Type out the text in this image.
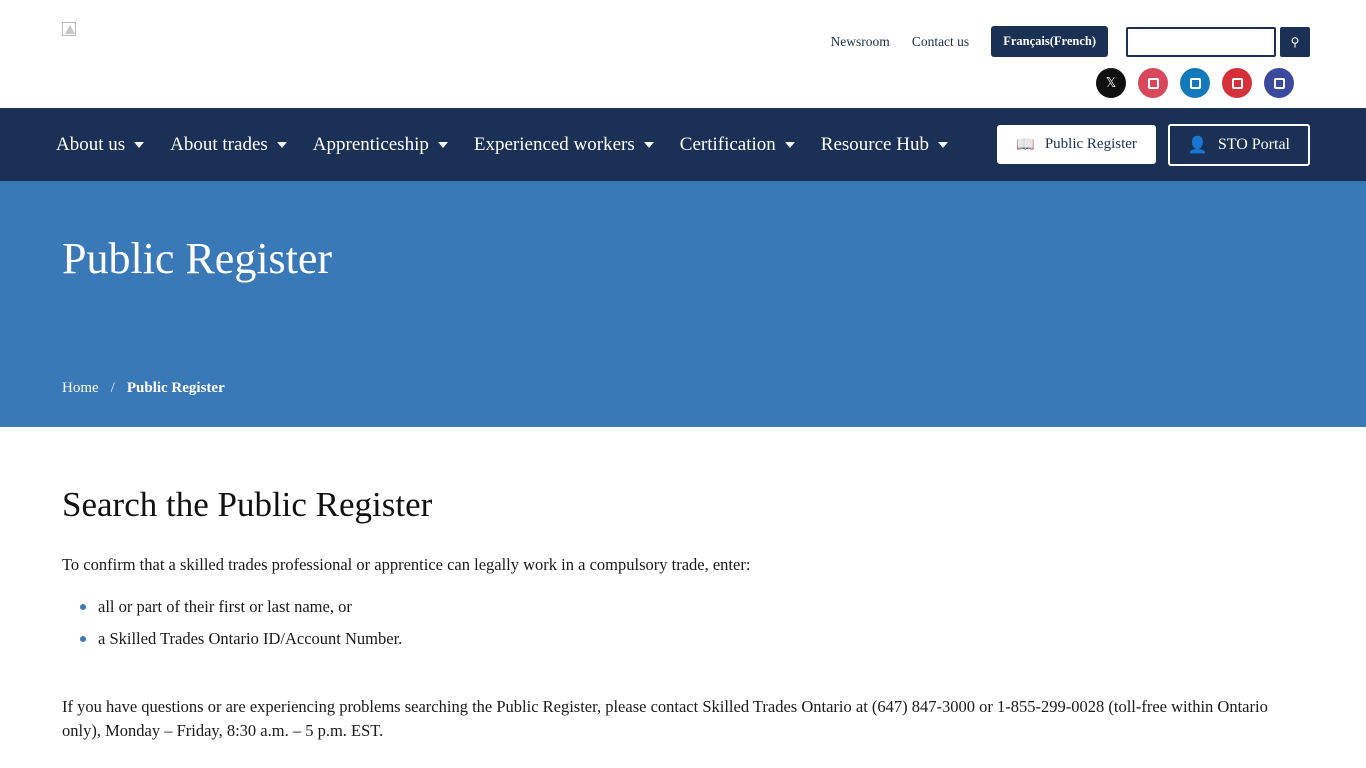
Newsroom Contact us	Français(French)	⚲
𝕏
About us About trades Apprenticeship Experienced workers Certification Resource Hub	📖 Public Register	👤 STO Portal
Public Register
Home / Public Register
Search the Public Register

To confirm that a skilled trades professional or apprentice can legally work in a compulsory trade, enter:

all or part of their first or last name, or
a Skilled Trades Ontario ID/Account Number.

If you have questions or are experiencing problems searching the Public Register, please contact Skilled Trades Ontario at (647) 847-3000 or 1-855-299-0028 (toll-free within Ontario only), Monday – Friday, 8:30 a.m. – 5 p.m. EST.
